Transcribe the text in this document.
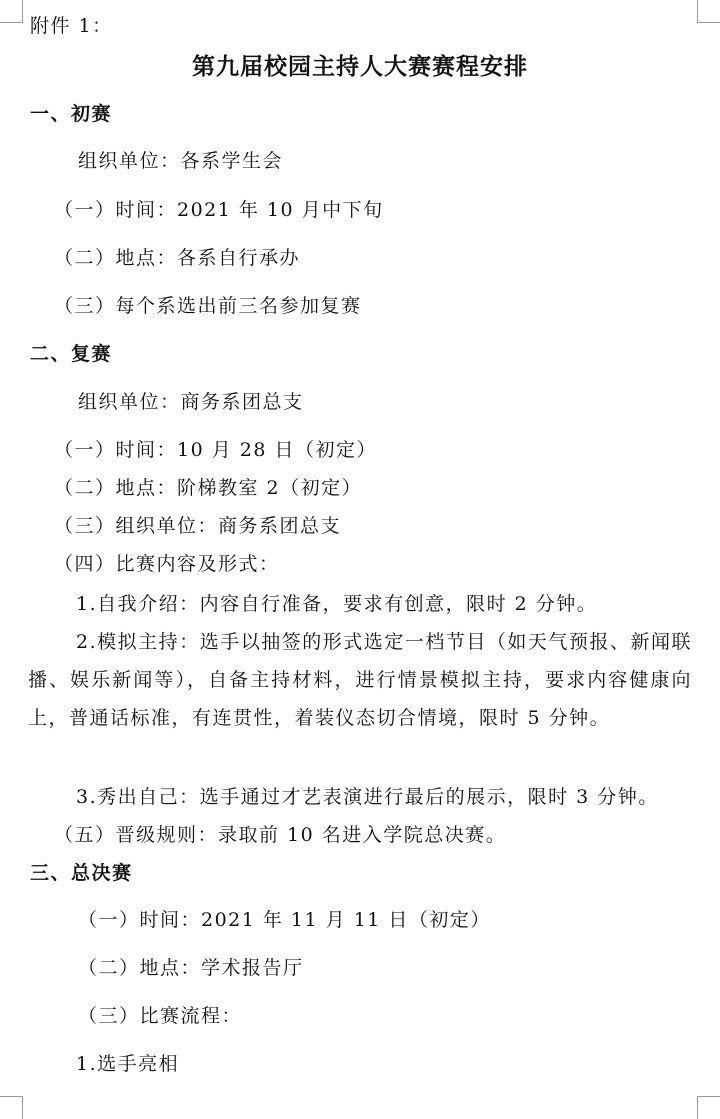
附件 1：
第九届校园主持人大赛赛程安排
一、初赛
组织单位：各系学生会
（一）时间：2021 年 10 月中下旬
（二）地点：各系自行承办
（三）每个系选出前三名参加复赛
二、复赛
组织单位：商务系团总支
（一）时间：10 月 28 日（初定）
（二）地点：阶梯教室 2（初定）
（三）组织单位：商务系团总支
（四）比赛内容及形式：
1.自我介绍：内容自行准备，要求有创意，限时 2 分钟。
2.模拟主持：选手以抽签的形式选定一档节目（如天气预报、新闻联播、娱乐新闻等），自备主持材料，进行情景模拟主持，要求内容健康向上，普通话标准，有连贯性，着装仪态切合情境，限时 5 分钟。
3.秀出自己：选手通过才艺表演进行最后的展示，限时 3 分钟。
（五）晋级规则：录取前 10 名进入学院总决赛。
三、总决赛
（一）时间：2021 年 11 月 11 日（初定）
（二）地点：学术报告厅
（三）比赛流程：
1.选手亮相
